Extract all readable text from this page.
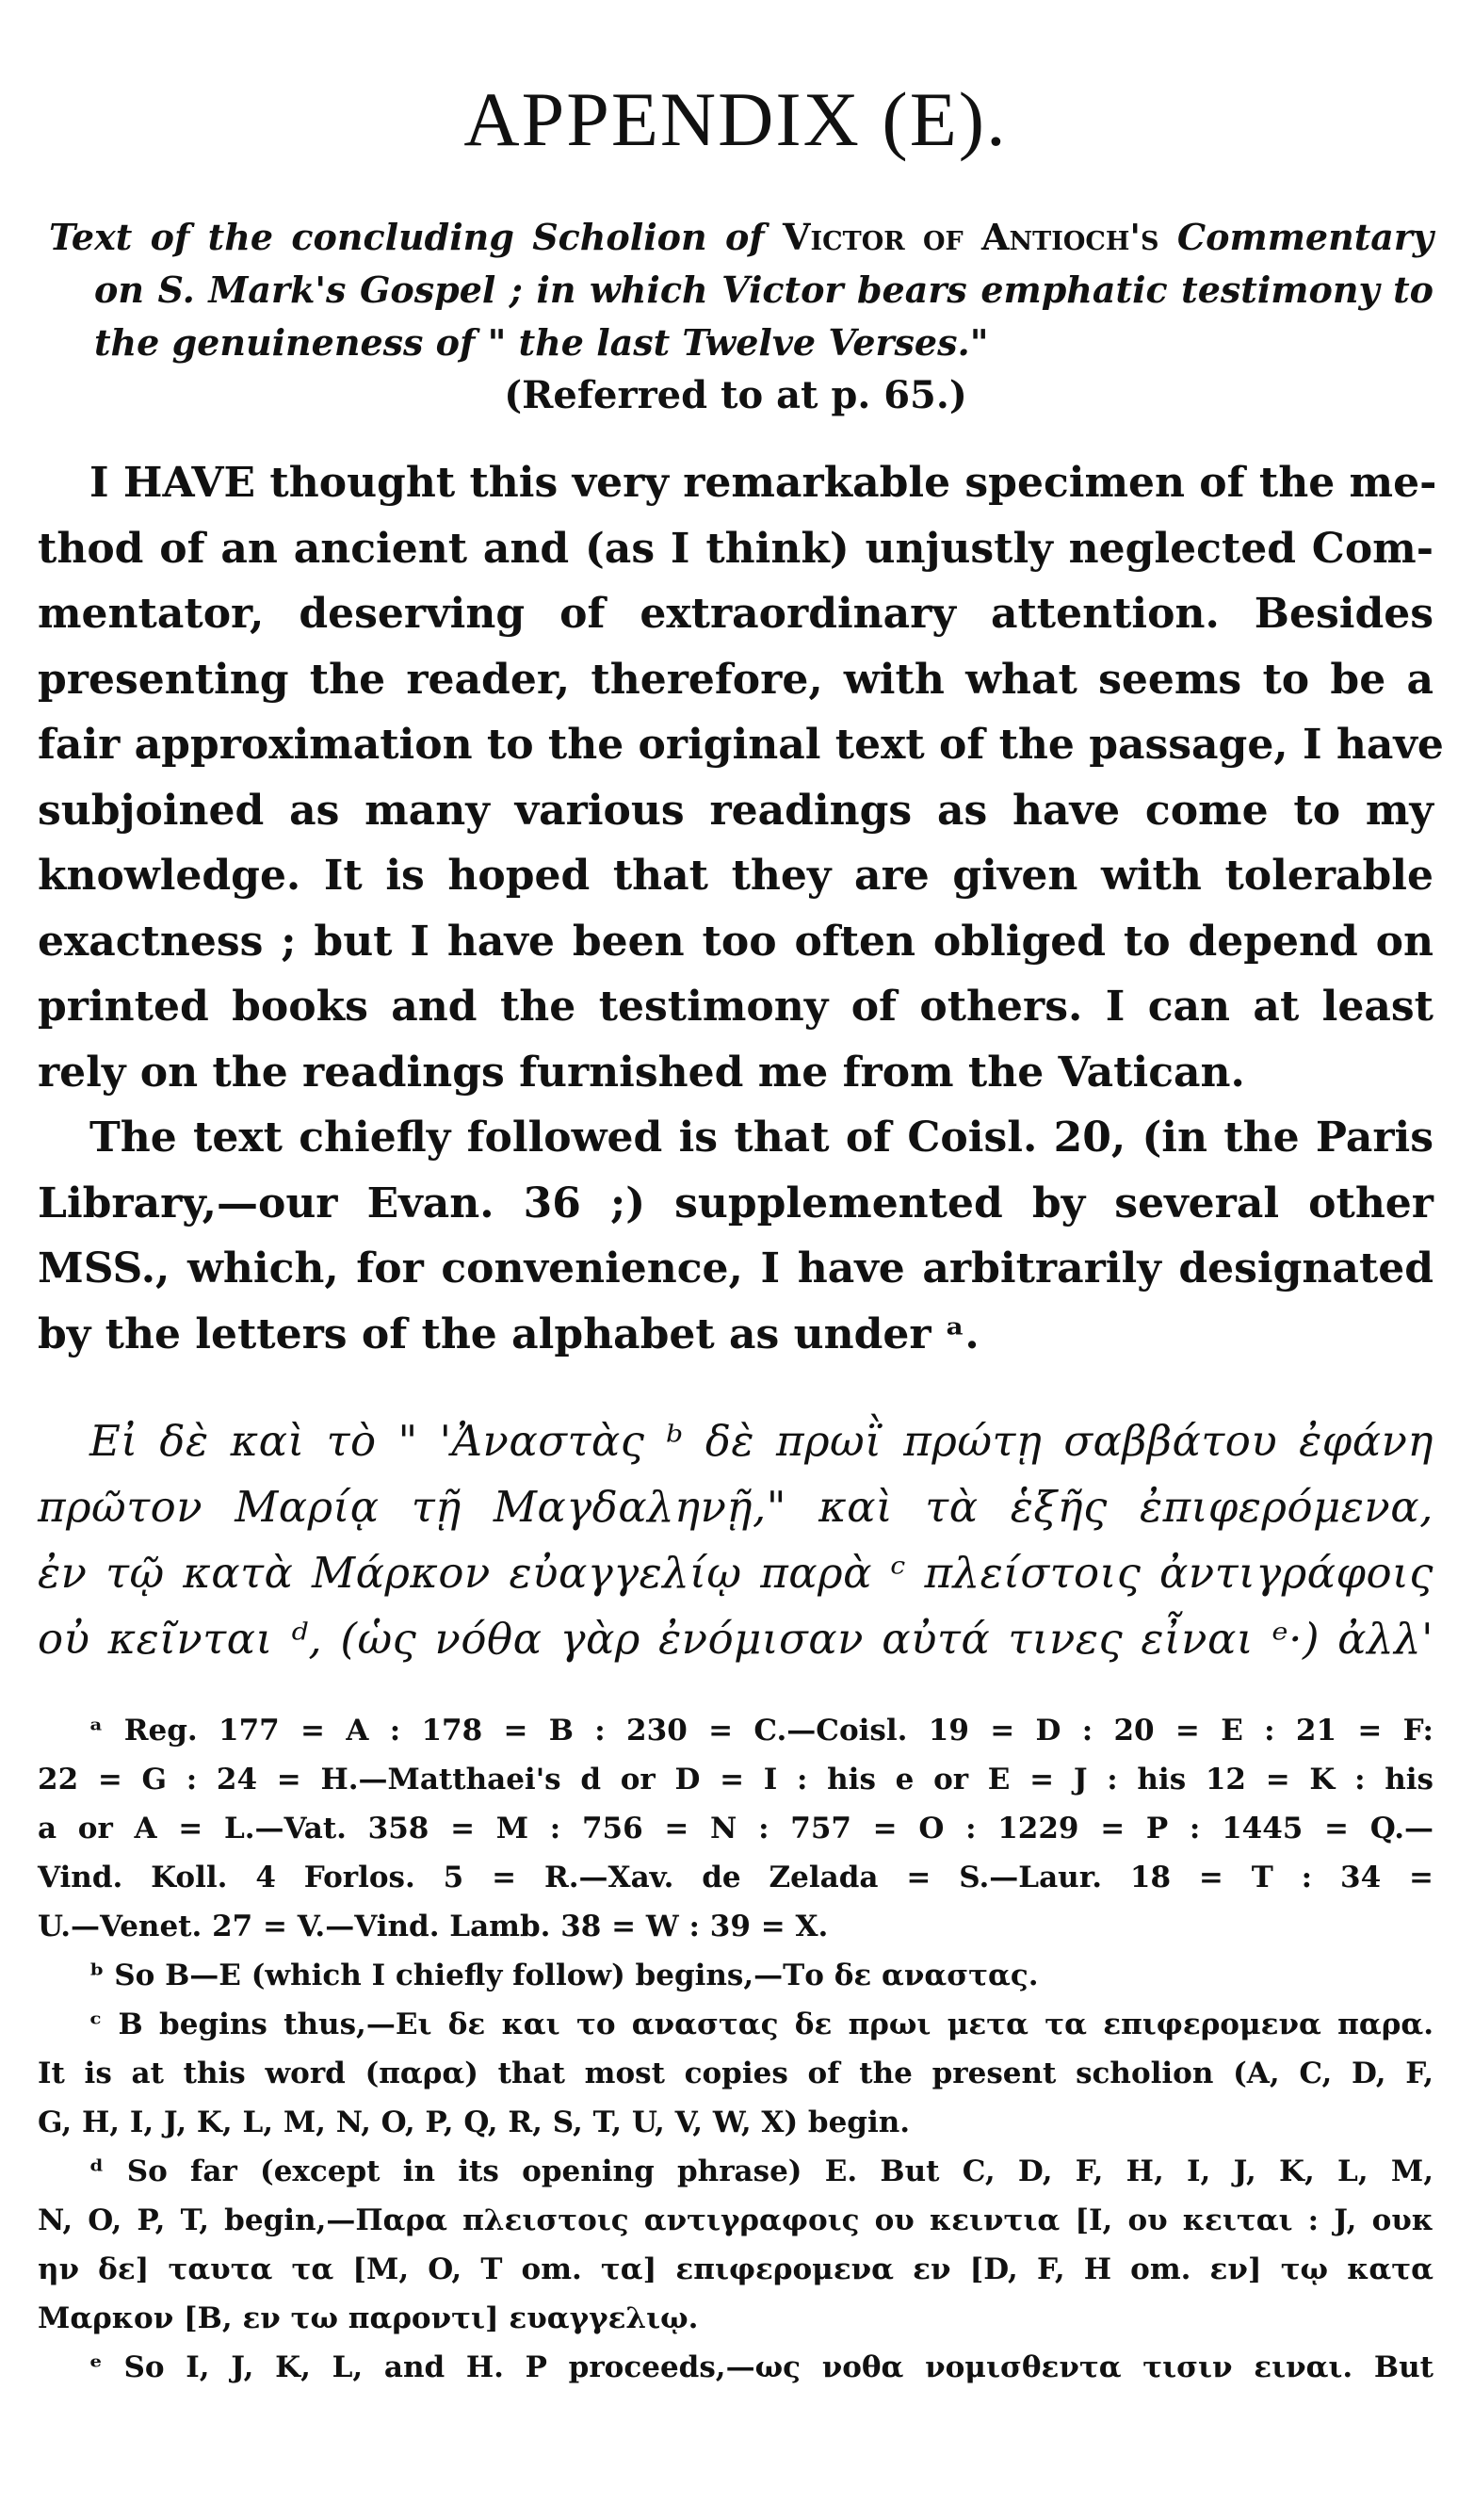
APPENDIX (E).
Text of the concluding Scholion of Victor of Antioch's Commentary
on S. Mark's Gospel ; in which Victor bears emphatic testimony to
the genuineness of " the last Twelve Verses."
(Referred to at p. 65.)
I HAVE thought this very remarkable specimen of the me-
thod of an ancient and (as I think) unjustly neglected Com-
mentator, deserving of extraordinary attention. Besides
presenting the reader, therefore, with what seems to be a
fair approximation to the original text of the passage, I have
subjoined as many various readings as have come to my
knowledge. It is hoped that they are given with tolerable
exactness ; but I have been too often obliged to depend on
printed books and the testimony of others. I can at least
rely on the readings furnished me from the Vatican.
The text chiefly followed is that of Coisl. 20, (in the Paris
Library,—our Evan. 36 ;) supplemented by several other
MSS., which, for convenience, I have arbitrarily designated
by the letters of the alphabet as under ᵃ.
Εἰ δὲ καὶ τὸ " 'Ἀναστὰς ᵇ δὲ πρωῒ πρώτῃ σαββάτου ἐφάνη
πρῶτον Μαρίᾳ τῇ Μαγδαληνῇ," καὶ τὰ ἑξῆς ἐπιφερόμενα,
ἐν τῷ κατὰ Μάρκον εὐαγγελίῳ παρὰ ᶜ πλείστοις ἀντιγράφοις
οὐ κεῖνται ᵈ, (ὡς νόθα γὰρ ἐνόμισαν αὐτά τινες εἶναι ᵉ·) ἀλλ'
ᵃ Reg. 177 = A : 178 = B : 230 = C.—Coisl. 19 = D : 20 = E : 21 = F:
22 = G : 24 = H.—Matthaei's d or D = I : his e or E = J : his 12 = K : his
a or A = L.—Vat. 358 = M : 756 = N : 757 = O : 1229 = P : 1445 = Q.—
Vind. Koll. 4 Forlos. 5 = R.—Xav. de Zelada = S.—Laur. 18 = T : 34 =
U.—Venet. 27 = V.—Vind. Lamb. 38 = W : 39 = X.
ᵇ So B—E (which I chiefly follow) begins,—Το δε αναστας.
ᶜ B begins thus,—Ει δε και το αναστας δε πρωι μετα τα επιφερομενα παρα.
It is at this word (παρα) that most copies of the present scholion (A, C, D, F,
G, H, I, J, K, L, M, N, O, P, Q, R, S, T, U, V, W, X) begin.
ᵈ So far (except in its opening phrase) E. But C, D, F, H, I, J, K, L, M,
N, O, P, T, begin,—Παρα πλειστοις αντιγραφοις ου κειντια [I, ου κειται : J, ουκ
ην δε] ταυτα τα [M, O, T om. τα] επιφερομενα εν [D, F, H om. εν] τῳ κατα
Μαρκον [B, εν τω παροντι] ευαγγελιῳ.
ᵉ So I, J, K, L, and H. P proceeds,—ως νοθα νομισθεντα τισιν ειναι. But
